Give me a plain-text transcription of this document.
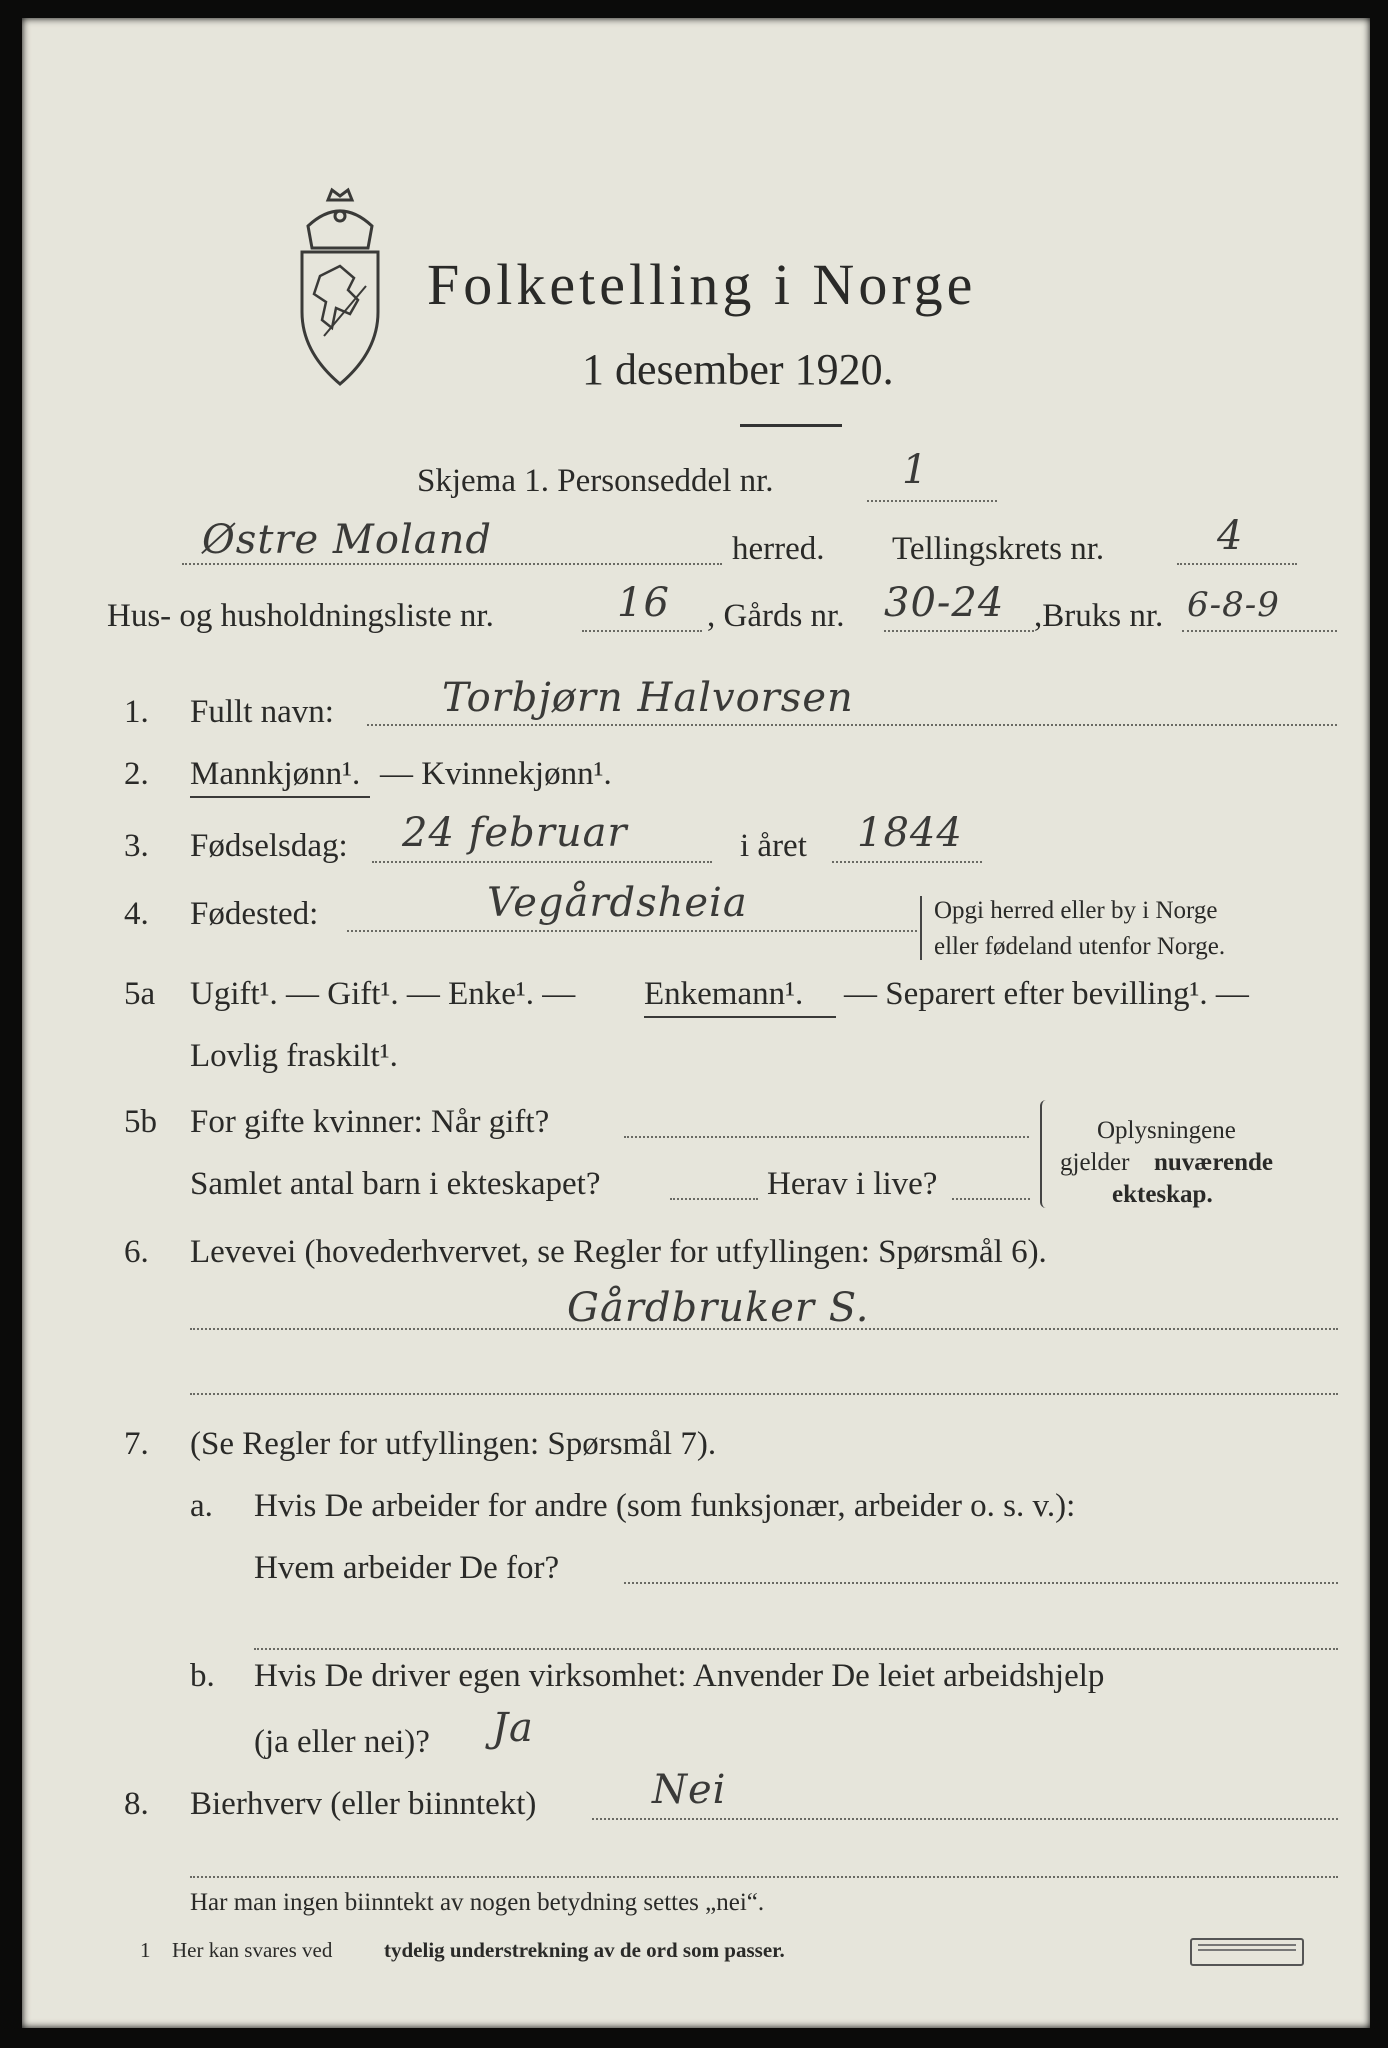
Folketelling i Norge
1 desember 1920.
Skjema 1. Personseddel nr.	1
Østre Moland	herred. Tellingskrets nr.	4
Hus- og husholdningsliste nr.	16 , Gårds nr. 30-24 ,Bruks nr. 6-8-9
1. Fullt navn:	Torbjørn Halvorsen
2. Mannkjønn¹. — Kvinnekjønn¹.
3. Fødselsdag: 24 februar	i året 1844
4. Fødested:	Vegårdsheia	Opgi herred eller by i Norge
eller fødeland utenfor Norge.
5a Ugift¹. — Gift¹. — Enke¹. — Enkemann¹. — Separert efter bevilling¹. —
Lovlig fraskilt¹.
5b For gifte kvinner: Når gift?
Samlet antal barn i ekteskapet?	Herav i live?
Oplysningene
gjelder nuværende
ekteskap.
6. Levevei (hovederhvervet, se Regler for utfyllingen: Spørsmål 6).
Gårdbruker S.
7. (Se Regler for utfyllingen: Spørsmål 7).
a. Hvis De arbeider for andre (som funksjonær, arbeider o. s. v.):
Hvem arbeider De for?
b. Hvis De driver egen virksomhet: Anvender De leiet arbeidshjelp
(ja eller nei)? Ja
8. Bierhverv (eller biinntekt)	Nei
Har man ingen biinntekt av nogen betydning settes „nei“.
1 Her kan svares ved tydelig understrekning av de ord som passer.
